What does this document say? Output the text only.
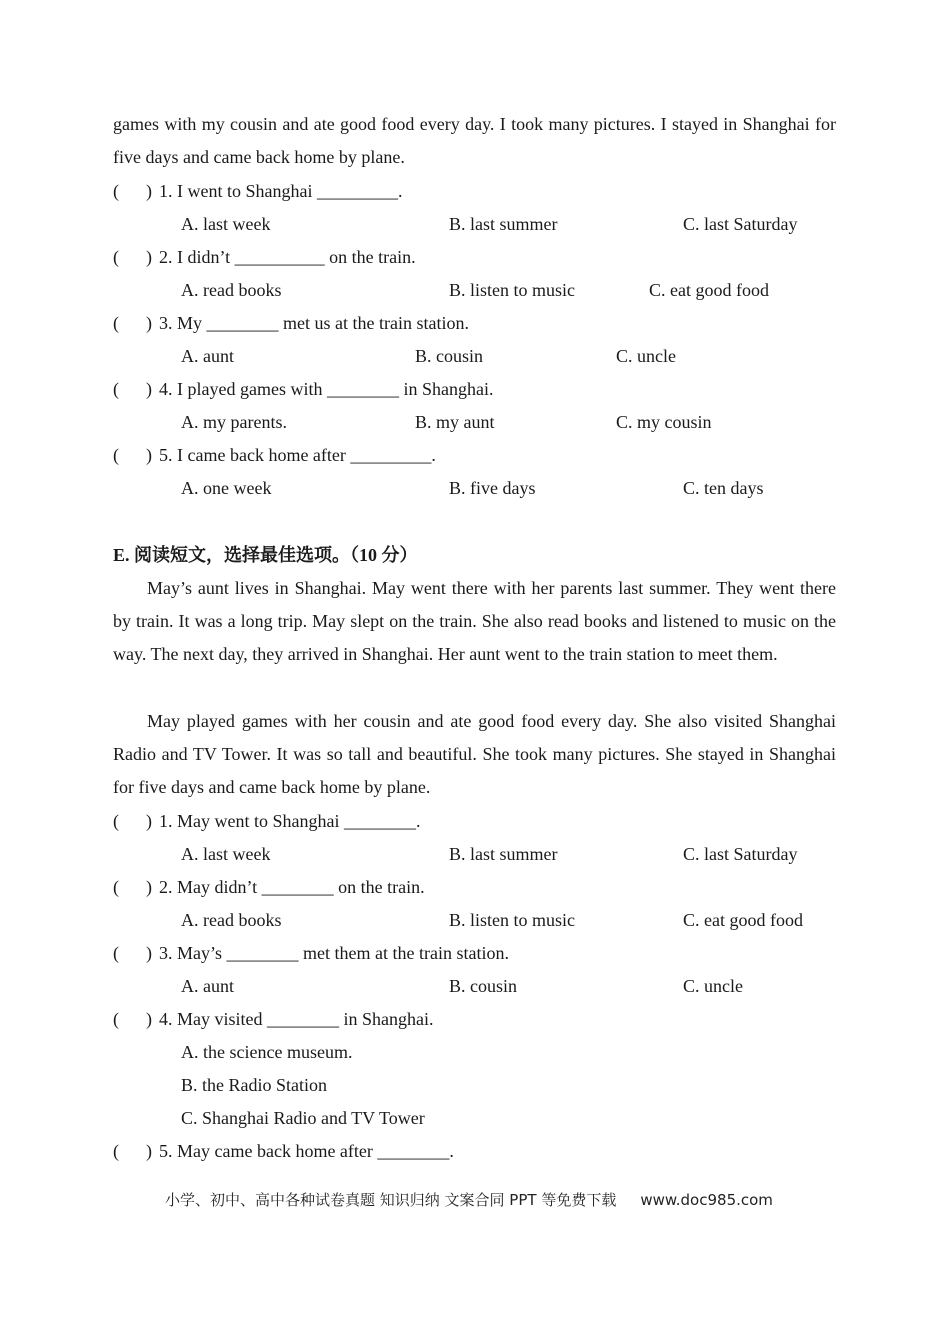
games with my cousin and ate good food every day. I took many pictures. I stayed in Shanghai for five days and came back home by plane.
(      ) 1. I went to Shanghai _________.
A. last week	B. last summer	C. last Saturday
(      ) 2. I didn’t __________ on the train.
A. read books	B. listen to music	C. eat good food
(      ) 3. My ________ met us at the train station.
A. aunt	B. cousin	C. uncle
(      ) 4. I played games with ________ in Shanghai.
A. my parents.	B. my aunt	C. my cousin
(      ) 5. I came back home after _________.
A. one week	B. five days	C. ten days
E. 阅读短文，选择最佳选项。（10 分）
May’s aunt lives in Shanghai. May went there with her parents last summer. They went there by train. It was a long trip. May slept on the train. She also read books and listened to music on the way. The next day, they arrived in Shanghai. Her aunt went to the train station to meet them.
May played games with her cousin and ate good food every day. She also visited Shanghai Radio and TV Tower. It was so tall and beautiful. She took many pictures. She stayed in Shanghai for five days and came back home by plane.
(      ) 1. May went to Shanghai ________.
A. last week	B. last summer	C. last Saturday
(      ) 2. May didn’t ________ on the train.
A. read books	B. listen to music	C. eat good food
(      ) 3. May’s ________ met them at the train station.
A. aunt	B. cousin	C. uncle
(      ) 4. May visited ________ in Shanghai.
A. the science museum.
B. the Radio Station
C. Shanghai Radio and TV Tower
(      ) 5. May came back home after ________.
小学、初中、高中各种试卷真题 知识归纳 文案合同 PPT 等免费下载 www.doc985.com
